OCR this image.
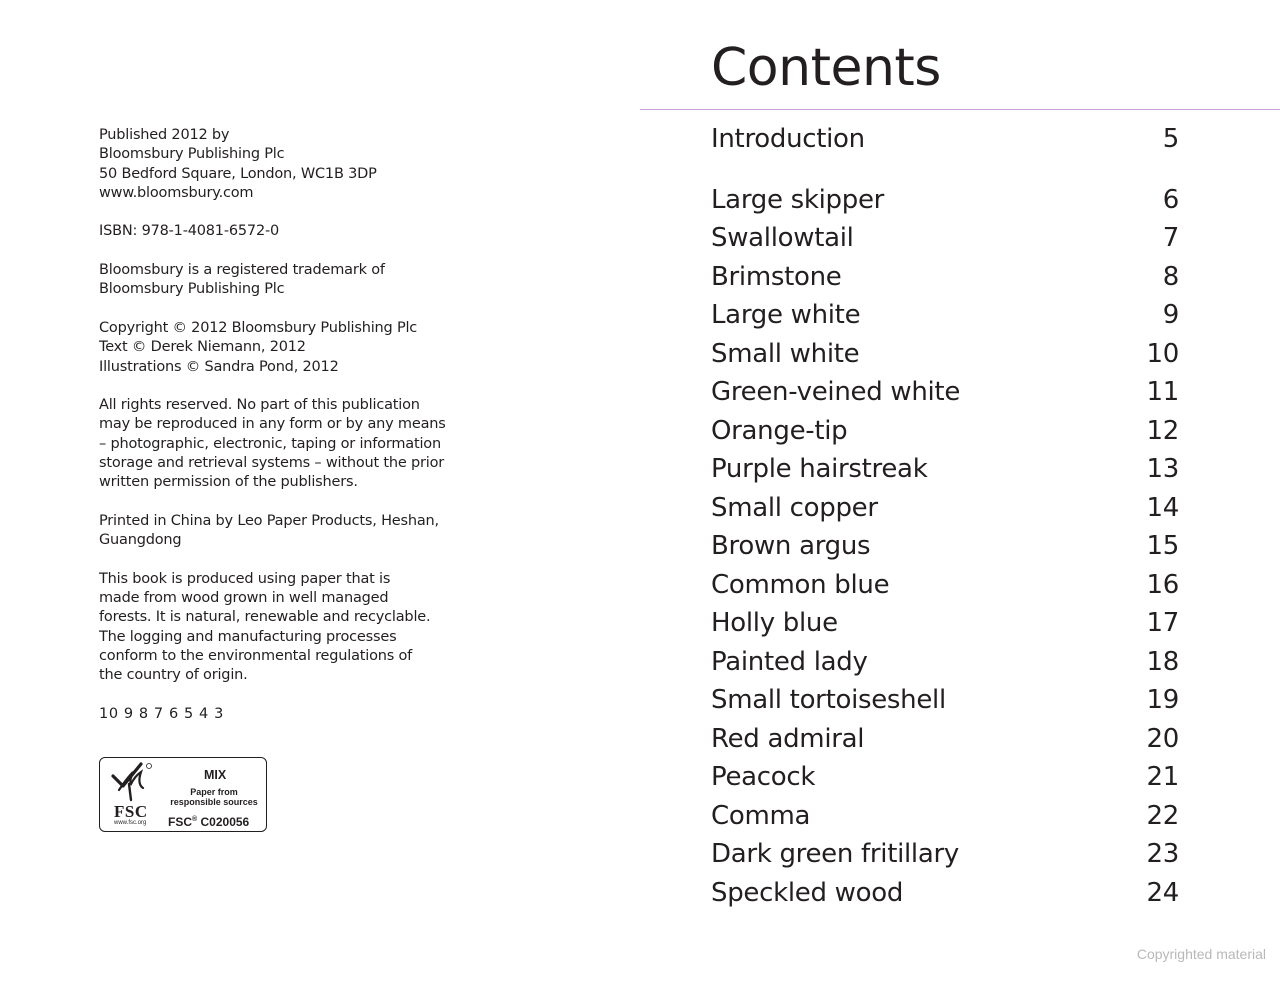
Published 2012 by
Bloomsbury Publishing Plc
50 Bedford Square, London, WC1B 3DP
www.bloomsbury.com
ISBN: 978-1-4081-6572-0
Bloomsbury is a registered trademark of
Bloomsbury Publishing Plc
Copyright © 2012 Bloomsbury Publishing Plc
Text © Derek Niemann, 2012
Illustrations © Sandra Pond, 2012
All rights reserved. No part of this publication
may be reproduced in any form or by any means
– photographic, electronic, taping or information
storage and retrieval systems – without the prior
written permission of the publishers.
Printed in China by Leo Paper Products, Heshan,
Guangdong
This book is produced using paper that is
made from wood grown in well managed
forests. It is natural, renewable and recyclable.
The logging and manufacturing processes
conform to the environmental regulations of
the country of origin.
10 9 8 7 6 5 4 3
FSC
www.fsc.org
MIX
Paper from
responsible sources
FSC® C020056
Contents
Introduction	5
Large skipper	6
Swallowtail	7
Brimstone	8
Large white	9
Small white	10
Green-veined white	11
Orange-tip	12
Purple hairstreak	13
Small copper	14
Brown argus	15
Common blue	16
Holly blue	17
Painted lady	18
Small tortoiseshell	19
Red admiral	20
Peacock	21
Comma	22
Dark green fritillary	23
Speckled wood	24
Copyrighted material
